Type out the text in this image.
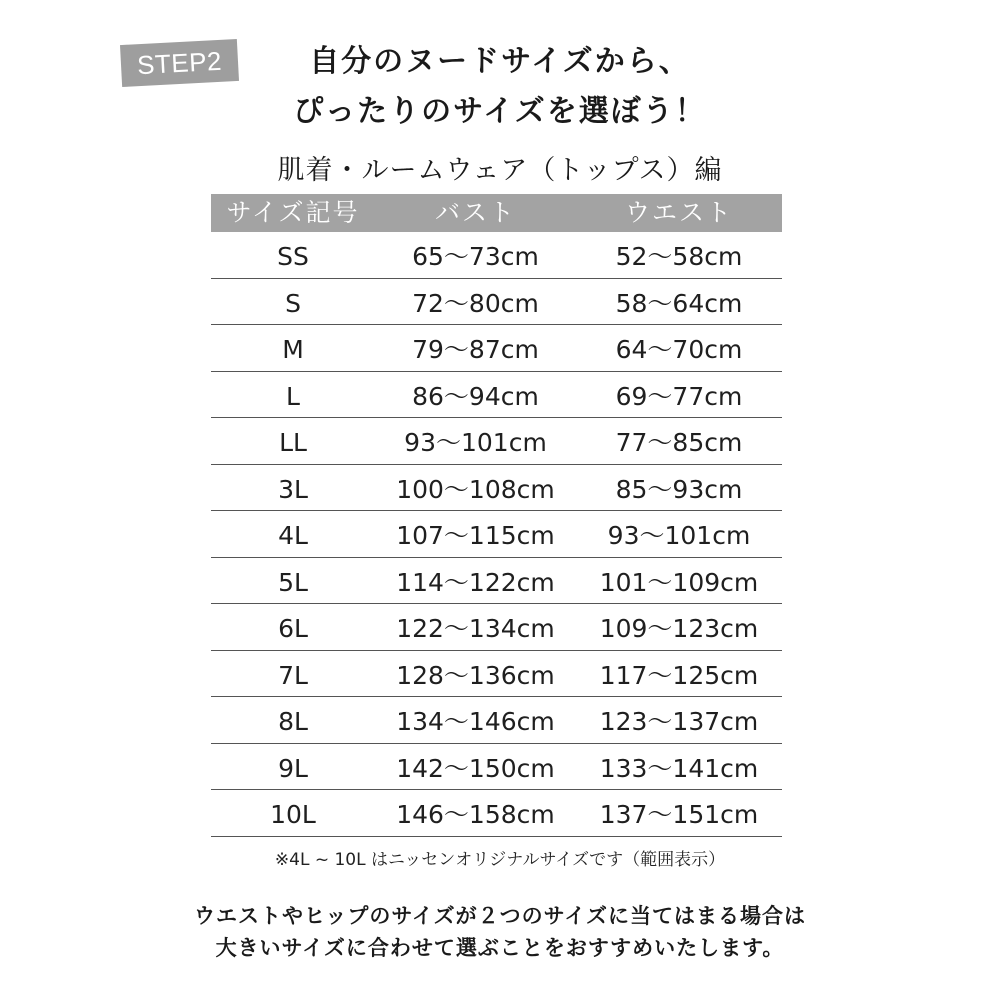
STEP2	自分のヌードサイズから、
ぴったりのサイズを選ぼう！
肌着・ルームウェア（トップス）編
サイズ記号	バスト	ウエスト
SS	65〜73cm	52〜58cm
S	72〜80cm	58〜64cm
M	79〜87cm	64〜70cm
L	86〜94cm	69〜77cm
LL	93〜101cm	77〜85cm
3L	100〜108cm	85〜93cm
4L	107〜115cm	93〜101cm
5L	114〜122cm	101〜109cm
6L	122〜134cm	109〜123cm
7L	128〜136cm	117〜125cm
8L	134〜146cm	123〜137cm
9L	142〜150cm	133〜141cm
10L	146〜158cm	137〜151cm
※4L ~ 10L はニッセンオリジナルサイズです（範囲表示）
ウエストやヒップのサイズが２つのサイズに当てはまる場合は
大きいサイズに合わせて選ぶことをおすすめいたします。
